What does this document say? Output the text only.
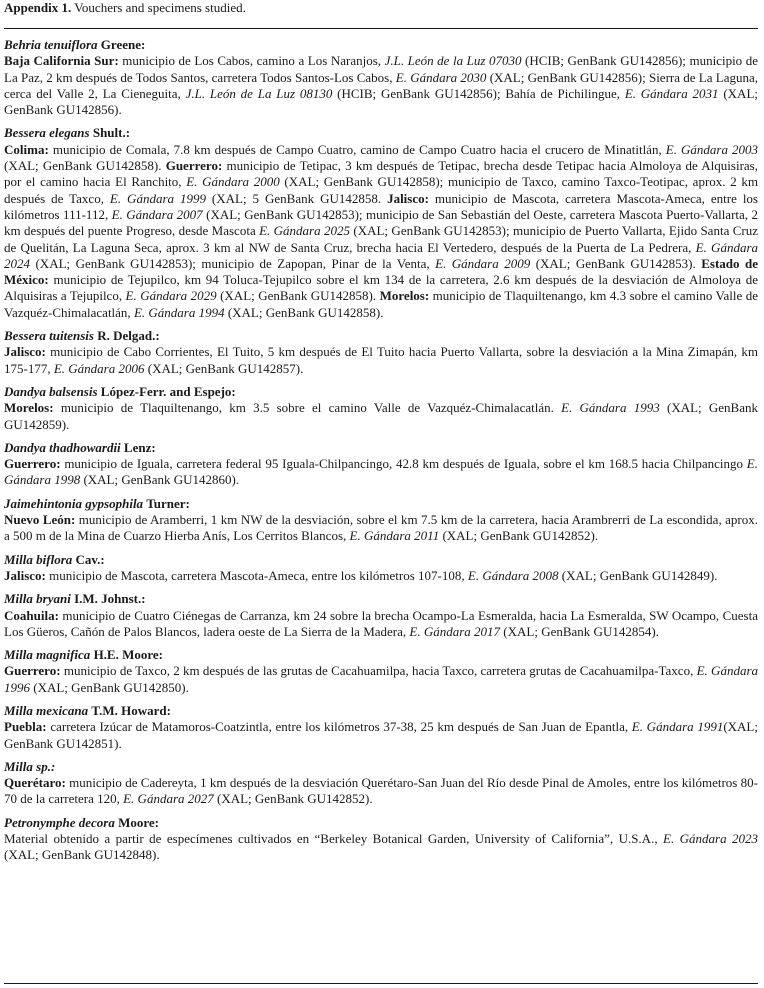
Appendix 1. Vouchers and specimens studied.

Behria tenuiflora Greene:

Baja California Sur: municipio de Los Cabos, camino a Los Naranjos, J.L. León de la Luz 07030 (HCIB; GenBank GU142856); municipio de La Paz, 2 km después de Todos Santos, carretera Todos Santos-Los Cabos, E. Gándara 2030 (XAL; GenBank GU142856); Sierra de La Laguna, cerca del Valle 2, La Cieneguita, J.L. León de La Luz 08130 (HCIB; GenBank GU142856); Bahía de Pichilingue, E. Gándara 2031 (XAL; GenBank GU142856).

Bessera elegans Shult.:

Colima: municipio de Comala, 7.8 km después de Campo Cuatro, camino de Campo Cuatro hacia el crucero de Minatitlán, E. Gándara 2003 (XAL; GenBank GU142858). Guerrero: municipio de Tetipac, 3 km después de Tetipac, brecha desde Tetipac hacia Almoloya de Alquisiras, por el camino hacia El Ranchito, E. Gándara 2000 (XAL; GenBank GU142858); municipio de Taxco, camino Taxco-Teotipac, aprox. 2 km después de Taxco, E. Gándara 1999 (XAL; 5 GenBank GU142858. Jalisco: municipio de Mascota, carretera Mascota-Ameca, entre los kilómetros 111-112, E. Gándara 2007 (XAL; GenBank GU142853); municipio de San Sebastián del Oeste, carretera Mascota Puerto-Vallarta, 2 km después del puente Progreso, desde Mascota E. Gándara 2025 (XAL; GenBank GU142853); municipio de Puerto Vallarta, Ejido Santa Cruz de Quelitán, La Laguna Seca, aprox. 3 km al NW de Santa Cruz, brecha hacia El Vertedero, después de la Puerta de La Pedrera, E. Gándara 2024 (XAL; GenBank GU142853); municipio de Zapopan, Pinar de la Venta, E. Gándara 2009 (XAL; GenBank GU142853). Estado de México: municipio de Tejupilco, km 94 Toluca-Tejupilco sobre el km 134 de la carretera, 2.6 km después de la desviación de Almoloya de Alquisiras a Tejupilco, E. Gándara 2029 (XAL; GenBank GU142858). Morelos: municipio de Tlaquiltenango, km 4.3 sobre el camino Valle de Vazquéz-Chimalacatlán, E. Gándara 1994 (XAL; GenBank GU142858).

Bessera tuitensis R. Delgad.:

Jalisco: municipio de Cabo Corrientes, El Tuito, 5 km después de El Tuito hacia Puerto Vallarta, sobre la desviación a la Mina Zimapán, km 175-177, E. Gándara 2006 (XAL; GenBank GU142857).

Dandya balsensis López-Ferr. and Espejo:

Morelos: municipio de Tlaquiltenango, km 3.5 sobre el camino Valle de Vazquéz-Chimalacatlán. E. Gándara 1993 (XAL; GenBank GU142859).

Dandya thadhowardii Lenz:

Guerrero: municipio de Iguala, carretera federal 95 Iguala-Chilpancingo, 42.8 km después de Iguala, sobre el km 168.5 hacia Chilpancingo E. Gándara 1998 (XAL; GenBank GU142860).

Jaimehintonia gypsophila Turner:

Nuevo León: municipio de Aramberri, 1 km NW de la desviación, sobre el km 7.5 km de la carretera, hacia Arambrerri de La escondida, aprox. a 500 m de la Mina de Cuarzo Hierba Anís, Los Cerritos Blancos, E. Gándara 2011 (XAL; GenBank GU142852).

Milla biflora Cav.:

Jalisco: municipio de Mascota, carretera Mascota-Ameca, entre los kilómetros 107-108, E. Gándara 2008 (XAL; GenBank GU142849).

Milla bryani I.M. Johnst.:

Coahuila: municipio de Cuatro Ciénegas de Carranza, km 24 sobre la brecha Ocampo-La Esmeralda, hacia La Esmeralda, SW Ocampo, Cuesta Los Güeros, Cañón de Palos Blancos, ladera oeste de La Sierra de la Madera, E. Gándara 2017 (XAL; GenBank GU142854).

Milla magnifica H.E. Moore:

Guerrero: municipio de Taxco, 2 km después de las grutas de Cacahuamilpa, hacia Taxco, carretera grutas de Cacahuamilpa-Taxco, E. Gándara 1996 (XAL; GenBank GU142850).

Milla mexicana T.M. Howard:

Puebla: carretera Izúcar de Matamoros-Coatzintla, entre los kilómetros 37-38, 25 km después de San Juan de Epantla, E. Gándara 1991(XAL; GenBank GU142851).

Milla sp.:

Querétaro: municipio de Cadereyta, 1 km después de la desviación Querétaro-San Juan del Río desde Pinal de Amoles, entre los kilómetros 80-70 de la carretera 120, E. Gándara 2027 (XAL; GenBank GU142852).

Petronymphe decora Moore:

Material obtenido a partir de especímenes cultivados en “Berkeley Botanical Garden, University of California”, U.S.A., E. Gándara 2023 (XAL; GenBank GU142848).
